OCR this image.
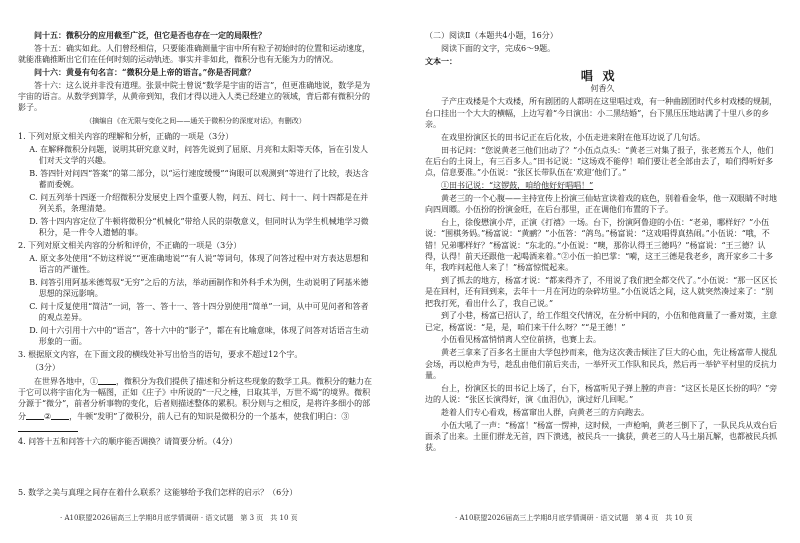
问十五：微积分的应用截至广泛，但它是否也存在一定的局限性？

答十五：确实如此。人们曾经相信，只要能准确测量宇宙中所有粒子初始时的位置和运动速度，就能准确推断出它们在任何时刻的运动轨迹。事实并非如此，微积分也有无能为力的情况。

问十六：黄曼有句名言：“微积分是上帝的语言。”你是否同意？

答十六：这么说并非没有道理。张景中院士曾说“数学是宇宙的语言”，但更准确地说，数学是为宇宙的语言。从数学到算学，从黄帝到知，我们才得以进入人类已经建立的领域，背后都有微积分的影子。

（摘编自《在无限与变化之间——通关于微积分的深度对话》，有删改）

1. 下列对原文相关内容的理解和分析，正确的一项是（3分）

A. 在解释微积分问题，说明其研究意义时，问答先说到了屈原、月亮和太阳等天体，旨在引发人们对天文学的兴趣。

B. 答四针对问四“答案”的第二部分，以“运行速度缓慢”“询眼可以观测到”等进行了比较，表达含蓄而委婉。

C. 问五列举十四逐一介绍微积分发展史上四个重要人物，问五、问七、问十一、问十四都是在并列关系，条理清楚。

D. 答十四内容定位了牛顿将微积分“机械化”带给人民的崇敬意义，但同时认为学生机械地学习微积分，是一件令人遗憾的事。

2. 下列对原文相关内容的分析和评价，不正确的一项是（3分）

A. 原文多处使用“不妨这样说”“更准确地说”“有人说”等词句，体现了问答过程中对方表达思想和语言的严谨性。

B. 问答引用阿基米德驾驭“无穷”之后的方法，举动画制作和外科手术为例，生动说明了阿基米德思想的深远影响。

C. 问十反复使用“简洁”一词，答一、答十一、答十四分别使用“简单”一词，从中可见问者和答者的观点差异。

D. 问十六引用十六中的“语言”，答十六中的“影子”，都在有比喻意味，体现了问答对话语言生动形象的一面。

3. 根据原文内容，在下面文段的横线处补写出恰当的语句，要求不超过12个字。

（3分）

在世界各地中，① ，微积分为我们提供了描述和分析这些现象的数学工具。微积分的魅力在于它可以将宇宙化为一幅图，正如《庄子》中所说的“一尺之棰，日取其半，万世不竭”的境界。微积分源于“微分”，前者分析事物的变化，后者则描述整体的累积。积分则与之相反，是将许多细小的部分 ② ，牛顿“发明”了微积分，前人已有的知识是微积分的一个基本，使我们明白：③

4. 问答十五和问答十六的顺序能否调换？请简要分析。（4分）

5. 数学之美与真理之间存在着什么联系？这能够给予我们怎样的启示？（6分）

（二）阅读Ⅱ（本题共4小题，16分）

阅读下面的文字，完成6～9题。

文本一：

唱戏
何香久

子产庄戏楼是个大戏楼，所有剧团的人都明在这里唱过戏，有一种曲剧团时代乡村戏楼的规制，台口挂出一个大大的横幅，上边写着“今日演出：小二黑结婚”，台下黑压压地站满了十里八乡的乡亲。

在戏里扮演区长的田书记正在后化妆，小伍走进来附在他耳边说了几句话。

田书记问：“您说黄老三他们出动了？”小伍点点头：“黄老三对集了报子，张老蔫五个人，他们在后台的土岗上，有三百多人。”田书记说：“这场戏不能停！咱们要让老全部由去了，咱们得听好多点，信息要准。”小伍说：“张区长带队伍在‘欢迎’他们了。”

①田书记说：“这锣鼓，咱给他好好唱唱！”

黄老三的一个心腹——主持宣传上扮演三仙姑宣读着戏的底色，别着看金华，他一双眼睛不时地向四周瞟。小伍扮的扮演金旺，在后台那里，正在调他们布置的下子。

台上，徐俊懋演小芹，正演《打禧》一场。台下，扮演阿鲁迎的小伍：“老弟，哪样好？”小伍说：“围棋务妈。”杨富说：“黄鹂？”小伍答：“鸽鸟。”杨富说：“这戏唱得真热闹。”小伍说：“哦，不错！兄弟哪样好？”杨富说：“东北的。”小伍说：“噢，那你认得王三德吗？”杨富说：“王三德？认得，认得！前天还跟他一起喝酒来着。”②小伍一拍巴掌：“嗬，这王三德是我老乡，离开家乡二十多年，我咋问起他人来了！”杨富惊慌起来。

到了抓去的地方，杨富才说：“都来得齐了，不用说了我们把全都交代了。”小伍说：“那一区区长是在回村，还有回到来，去年十一月在河边的杂碎坊里。”小伍说话之间，这人就突然凑过来了：“别把我打死，看出什么了，我自己说。”

到了小巷，杨富已招认了，给工作组交代情况，在分析中间的，小伍和他商量了一番对策，主意已定，杨富说：“是，是，咱们来干什么呀？”“是王德！”

小伍看见杨富悄悄离人空位前挤，也赛上去。

黄老三拿来了百多名土匪由大学包抄而来，他为这次袭击倾注了巨大的心血，先让杨富带人搅乱会场，再以枪声为号，趁乱由他们前后夹击，一举歼灭工作队和民兵，然后再一举铲平村里的反抗力量。

台上，扮演区长的田书记上场了，台下，杨富听见子弹上膛的声音：“这区长是区长扮的吗？”旁边的人说：“张区长演得好，演《血泪仇》，演过好几回呢。”

趁着人们专心看戏，杨富窜出人群，向黄老三的方向跑去。

小伍大吼了一声：“杨富！”杨富一愣神，这时候，一声枪响，黄老三倒下了，一队民兵从戏台后面杀了出来。土匪们群龙无首，四下溃逃，被民兵一一擒获，黄老三的人马土崩瓦解，也都被民兵抓获。

· A10联盟2026届高三上学期8月底学情调研 · 语文试题　第 3 页　共 10 页	· A10联盟2026届高三上学期8月底学情调研 · 语文试题　第 4 页　共 10 页
